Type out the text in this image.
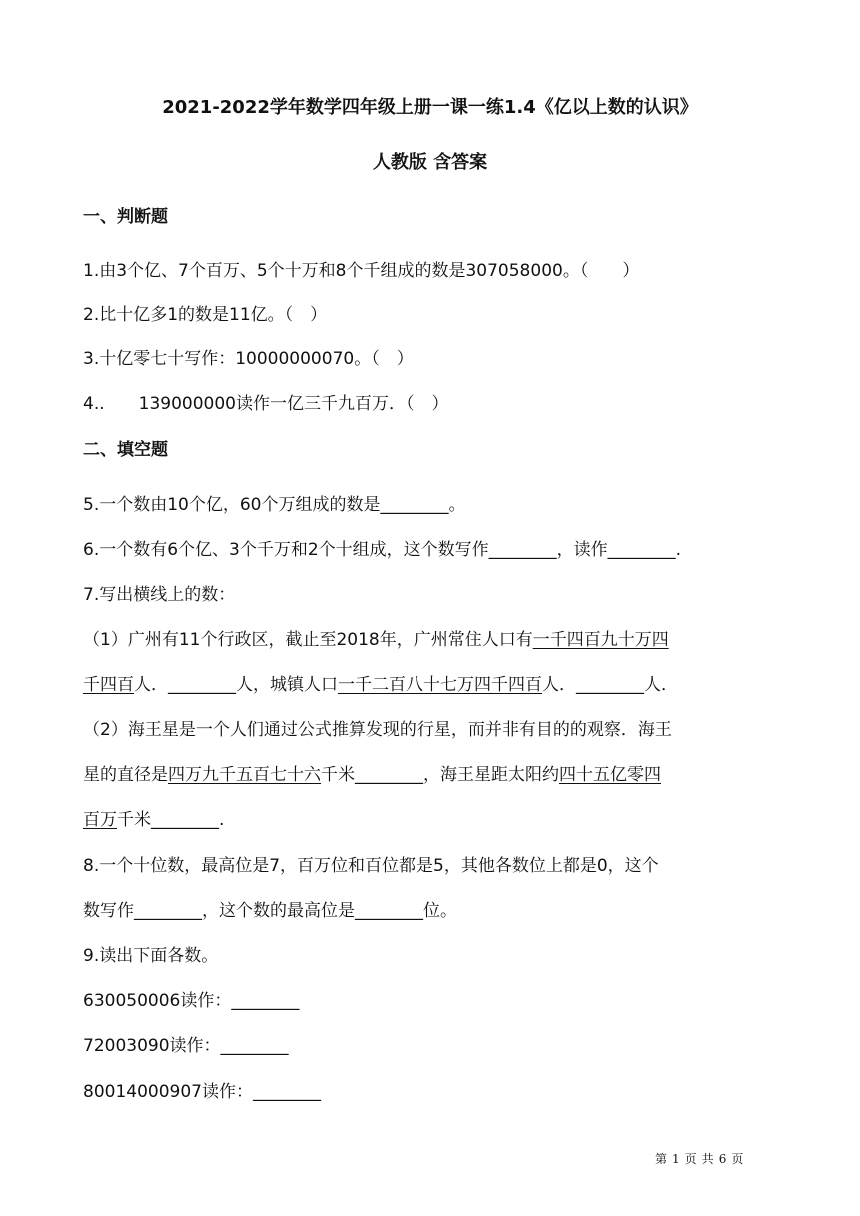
2021-2022学年数学四年级上册一课一练1.4《亿以上数的认识》
人教版 含答案
一、判断题
1.由3个亿、7个百万、5个十万和8个千组成的数是307058000。（　　）
2.比十亿多1的数是11亿。（　）
3.十亿零七十写作：10000000070。（　）
4..　　139000000读作一亿三千九百万．（　）
二、填空题
5.一个数由10个亿，60个万组成的数是________。
6.一个数有6个亿、3个千万和2个十组成，这个数写作________，读作________.
7.写出横线上的数：
（1）广州有11个行政区，截止至2018年，广州常住人口有一千四百九十万四
千四百人．________人，城镇人口一千二百八十七万四千四百人．________人．
（2）海王星是一个人们通过公式推算发现的行星，而并非有目的的观察．海王
星的直径是四万九千五百七十六千米________，海王星距太阳约四十五亿零四
百万千米________.
8.一个十位数，最高位是7，百万位和百位都是5，其他各数位上都是0，这个
数写作________，这个数的最高位是________位。
9.读出下面各数。
630050006读作：________
72003090读作：________
80014000907读作：________
第 1 页 共 6 页
